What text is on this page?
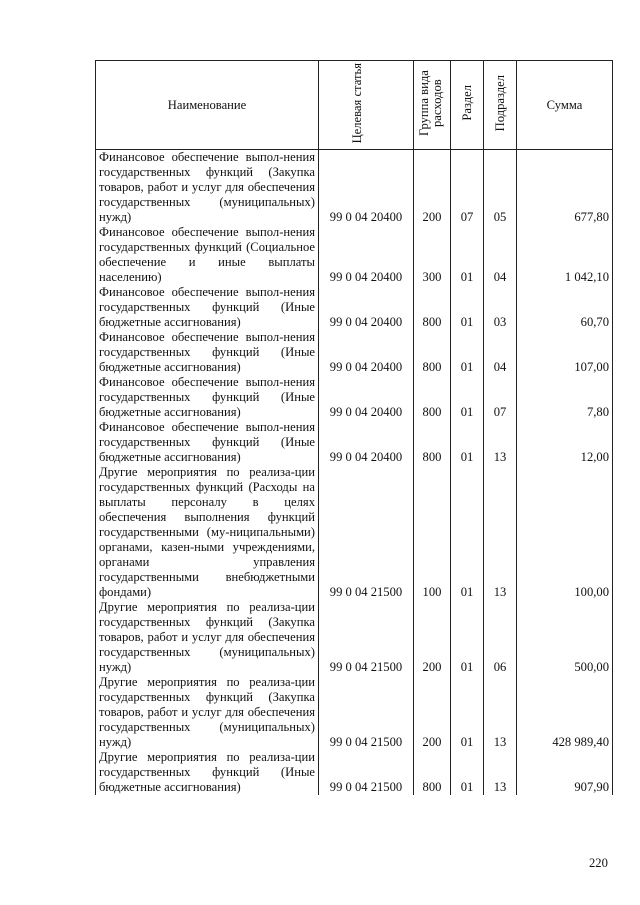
Наименование	Целевая статья	Группа вида расходов	Раздел	Подраздел	Сумма
Финансовое обеспечение выпол-нения государственных функций (Закупка товаров, работ и услуг для обеспечения государственных (муниципальных) нужд)	99 0 04 20400	200	07	05	677,80
Финансовое обеспечение выпол-нения государственных функций (Социальное обеспечение и иные выплаты населению)	99 0 04 20400	300	01	04	1 042,10
Финансовое обеспечение выпол-нения государственных функций (Иные бюджетные ассигнования)	99 0 04 20400	800	01	03	60,70
Финансовое обеспечение выпол-нения государственных функций (Иные бюджетные ассигнования)	99 0 04 20400	800	01	04	107,00
Финансовое обеспечение выпол-нения государственных функций (Иные бюджетные ассигнования)	99 0 04 20400	800	01	07	7,80
Финансовое обеспечение выпол-нения государственных функций (Иные бюджетные ассигнования)	99 0 04 20400	800	01	13	12,00
Другие мероприятия по реализа-ции государственных функций (Расходы на выплаты персоналу в целях обеспечения выполнения функций государственными (му-ниципальными) органами, казен-ными учреждениями, органами управления государственными внебюджетными фондами)	99 0 04 21500	100	01	13	100,00
Другие мероприятия по реализа-ции государственных функций (Закупка товаров, работ и услуг для обеспечения государственных (муниципальных) нужд)	99 0 04 21500	200	01	06	500,00
Другие мероприятия по реализа-ции государственных функций (Закупка товаров, работ и услуг для обеспечения государственных (муниципальных) нужд)	99 0 04 21500	200	01	13	428 989,40
Другие мероприятия по реализа-ции государственных функций (Иные бюджетные ассигнования)	99 0 04 21500	800	01	13	907,90
220
